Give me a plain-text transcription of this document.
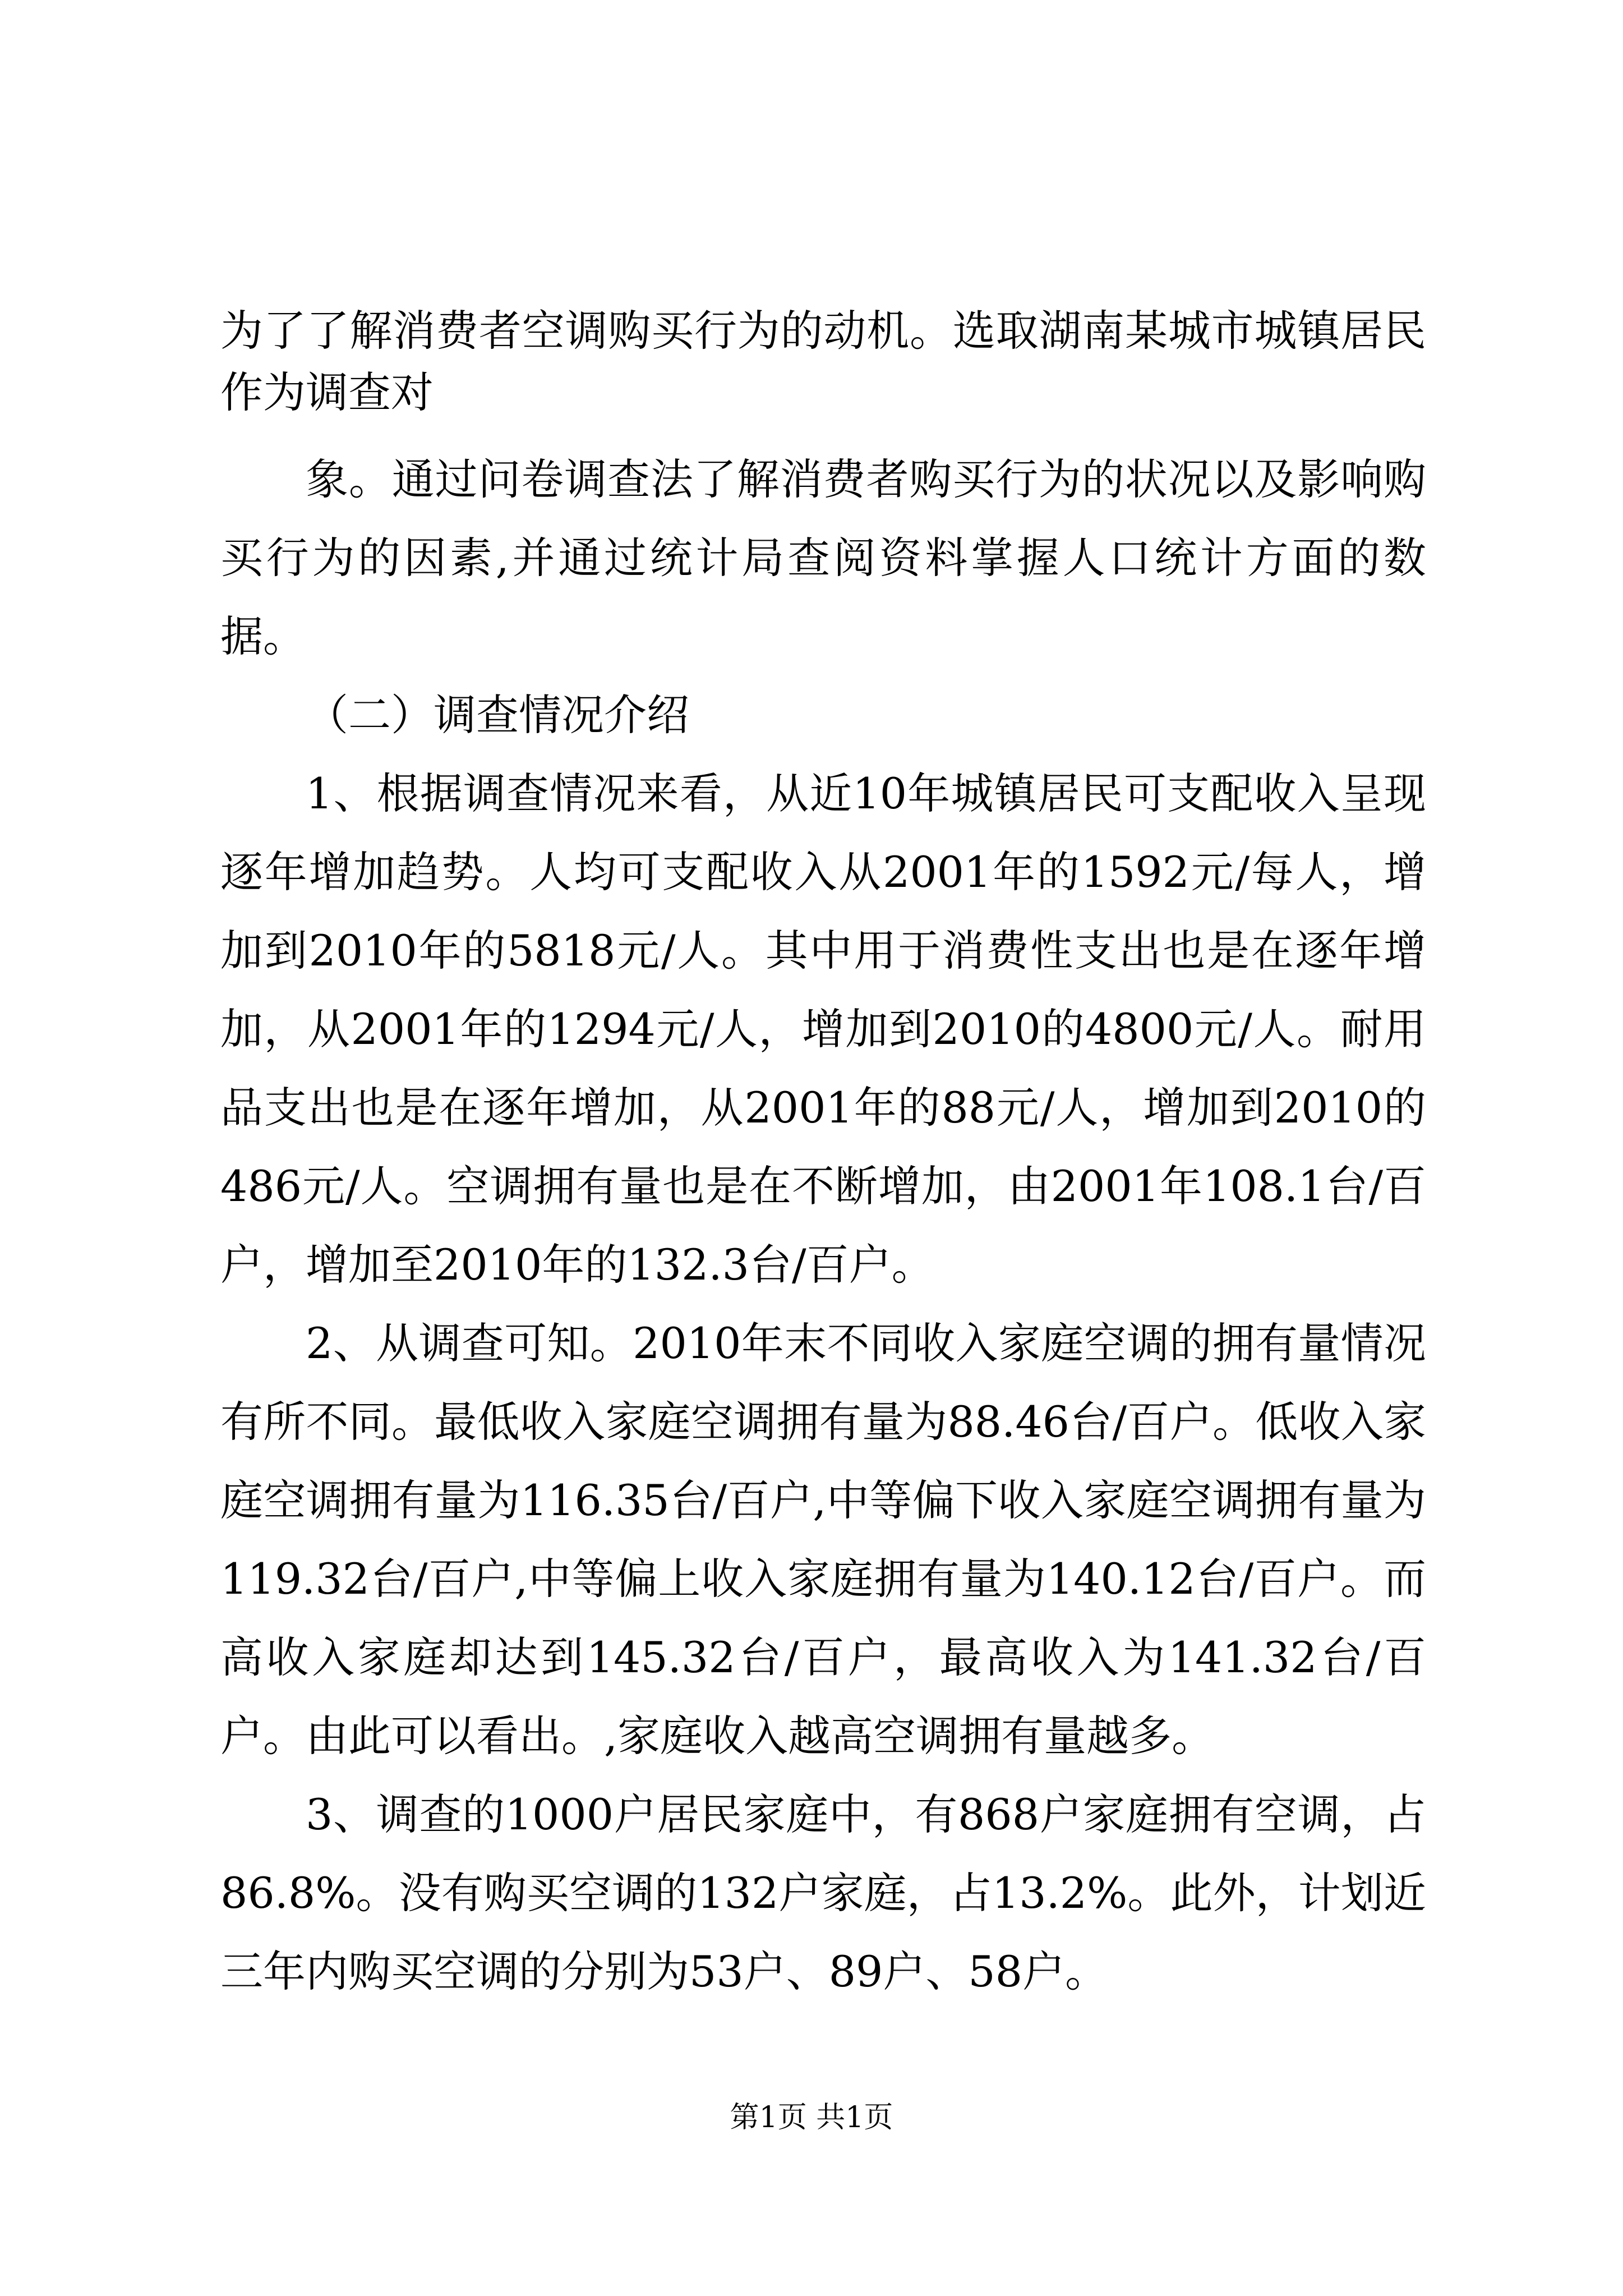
为了了解消费者空调购买行为的动机。选取湖南某城市城镇居民作为调查对

象。通过问卷调查法了解消费者购买行为的状况以及影响购买行为的因素,并通过统计局查阅资料掌握人口统计方面的数据。

（二）调查情况介绍

1、根据调查情况来看，从近10年城镇居民可支配收入呈现逐年增加趋势。人均可支配收入从2001年的1592元/每人，增加到2010年的5818元/人。其中用于消费性支出也是在逐年增加，从2001年的1294元/人，增加到2010的4800元/人。耐用品支出也是在逐年增加，从2001年的88元/人，增加到2010的486元/人。空调拥有量也是在不断增加，由2001年108.1台/百户，增加至2010年的132.3台/百户。

2、从调查可知。2010年末不同收入家庭空调的拥有量情况有所不同。最低收入家庭空调拥有量为88.46台/百户。低收入家庭空调拥有量为116.35台/百户,中等偏下收入家庭空调拥有量为119.32台/百户,中等偏上收入家庭拥有量为140.12台/百户。而高收入家庭却达到145.32台/百户，最高收入为141.32台/百户。由此可以看出。,家庭收入越高空调拥有量越多。

3、调查的1000户居民家庭中，有868户家庭拥有空调，占86.8%。没有购买空调的132户家庭，占13.2%。此外，计划近三年内购买空调的分别为53户、89户、58户。

第1页 共1页
